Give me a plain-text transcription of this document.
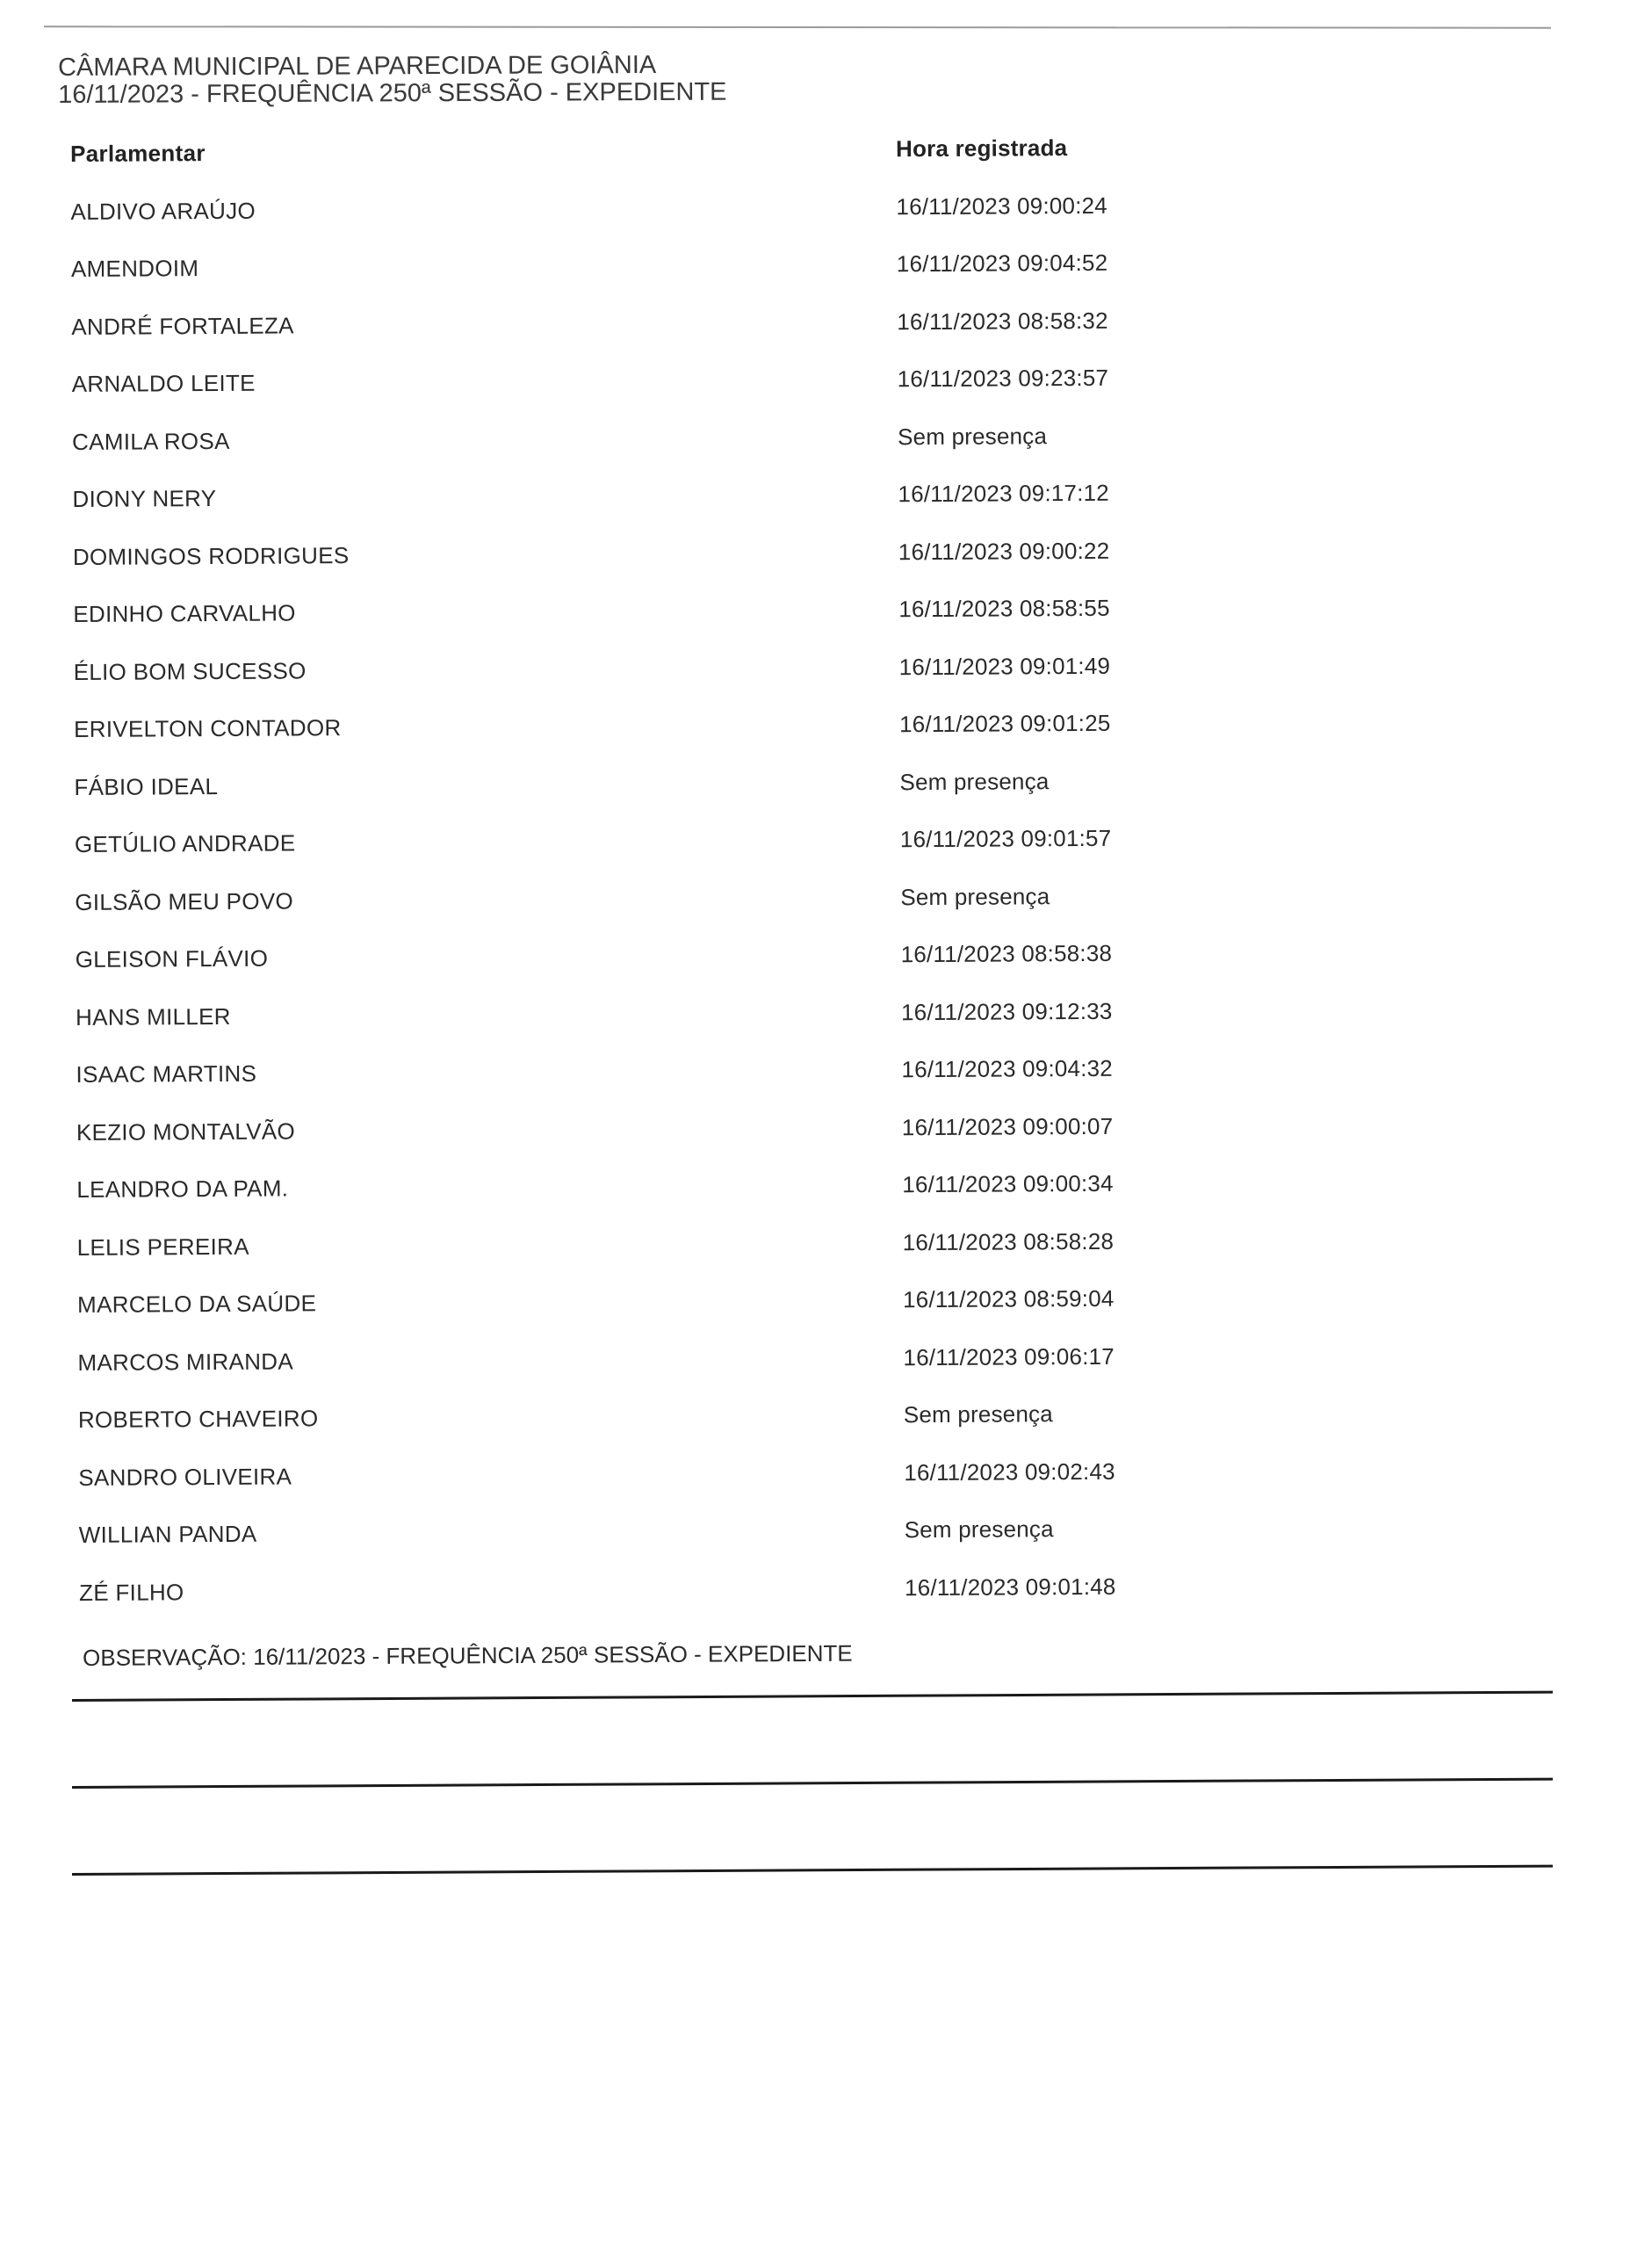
CÂMARA MUNICIPAL DE APARECIDA DE GOIÂNIA
16/11/2023 - FREQUÊNCIA 250ª SESSÃO - EXPEDIENTE
Parlamentar	Hora registrada
ALDIVO ARAÚJO	16/11/2023 09:00:24
AMENDOIM	16/11/2023 09:04:52
ANDRÉ FORTALEZA	16/11/2023 08:58:32
ARNALDO LEITE	16/11/2023 09:23:57
CAMILA ROSA	Sem presença
DIONY NERY	16/11/2023 09:17:12
DOMINGOS RODRIGUES	16/11/2023 09:00:22
EDINHO CARVALHO	16/11/2023 08:58:55
ÉLIO BOM SUCESSO	16/11/2023 09:01:49
ERIVELTON CONTADOR	16/11/2023 09:01:25
FÁBIO IDEAL	Sem presença
GETÚLIO ANDRADE	16/11/2023 09:01:57
GILSÃO MEU POVO	Sem presença
GLEISON FLÁVIO	16/11/2023 08:58:38
HANS MILLER	16/11/2023 09:12:33
ISAAC MARTINS	16/11/2023 09:04:32
KEZIO MONTALVÃO	16/11/2023 09:00:07
LEANDRO DA PAM.	16/11/2023 09:00:34
LELIS PEREIRA	16/11/2023 08:58:28
MARCELO DA SAÚDE	16/11/2023 08:59:04
MARCOS MIRANDA	16/11/2023 09:06:17
ROBERTO CHAVEIRO	Sem presença
SANDRO OLIVEIRA	16/11/2023 09:02:43
WILLIAN PANDA	Sem presença
ZÉ FILHO	16/11/2023 09:01:48
OBSERVAÇÃO: 16/11/2023 - FREQUÊNCIA 250ª SESSÃO - EXPEDIENTE
